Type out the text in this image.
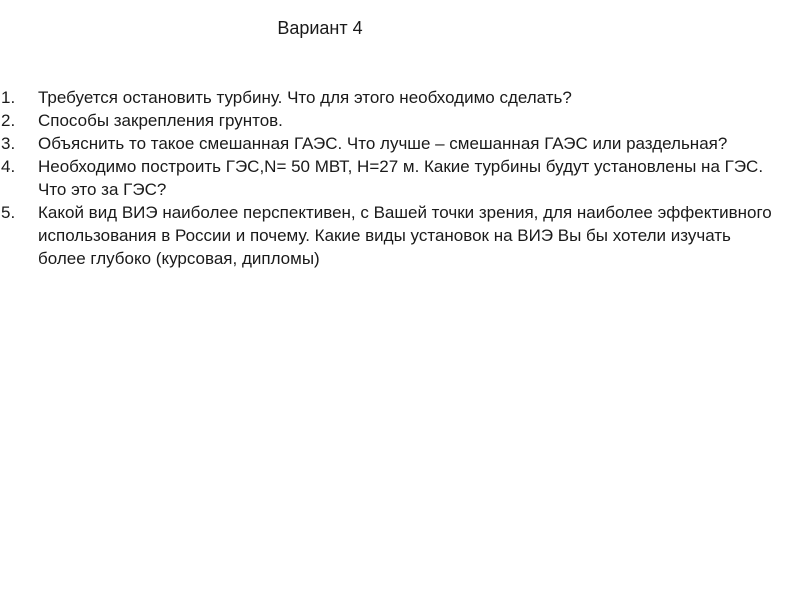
Вариант 4
1.	Требуется остановить турбину. Что для этого необходимо сделать?
2.	Способы закрепления грунтов.
3.	Объяснить то такое смешанная ГАЭС. Что лучше – смешанная ГАЭС или раздельная?
4.	Необходимо построить ГЭС,N= 50 МВТ, Н=27 м. Какие турбины будут установлены на ГЭС. Что это за ГЭС?
5.	Какой вид ВИЭ наиболее перспективен, с Вашей точки зрения, для наиболее эффективного использования в России и почему. Какие виды установок на ВИЭ Вы бы хотели изучать более глубоко (курсовая, дипломы)
